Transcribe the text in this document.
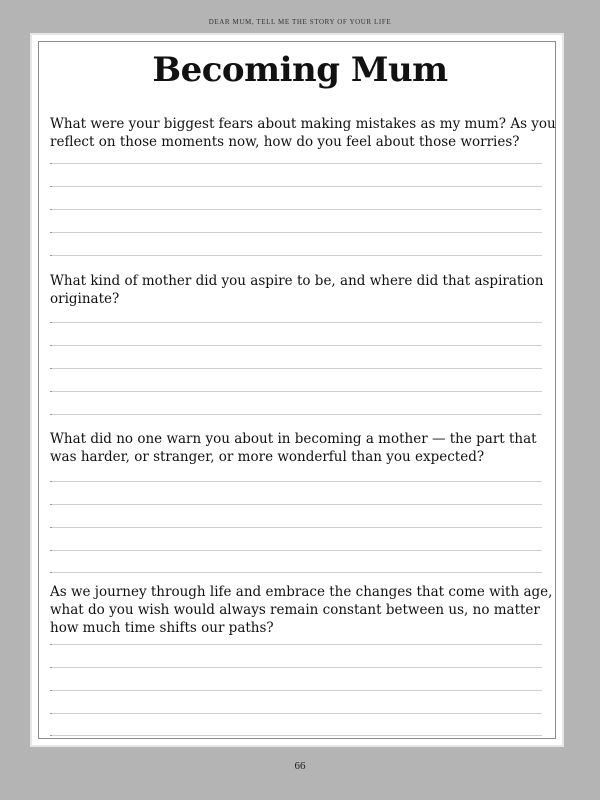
DEAR MUM, TELL ME THE STORY OF YOUR LIFE
Becoming Mum

What were your biggest fears about making mistakes as my mum? As you

reflect on those moments now, how do you feel about those worries?

What kind of mother did you aspire to be, and where did that aspiration

originate?

What did no one warn you about in becoming a mother — the part that

was harder, or stranger, or more wonderful than you expected?

As we journey through life and embrace the changes that come with age,

what do you wish would always remain constant between us, no matter

how much time shifts our paths?

66
